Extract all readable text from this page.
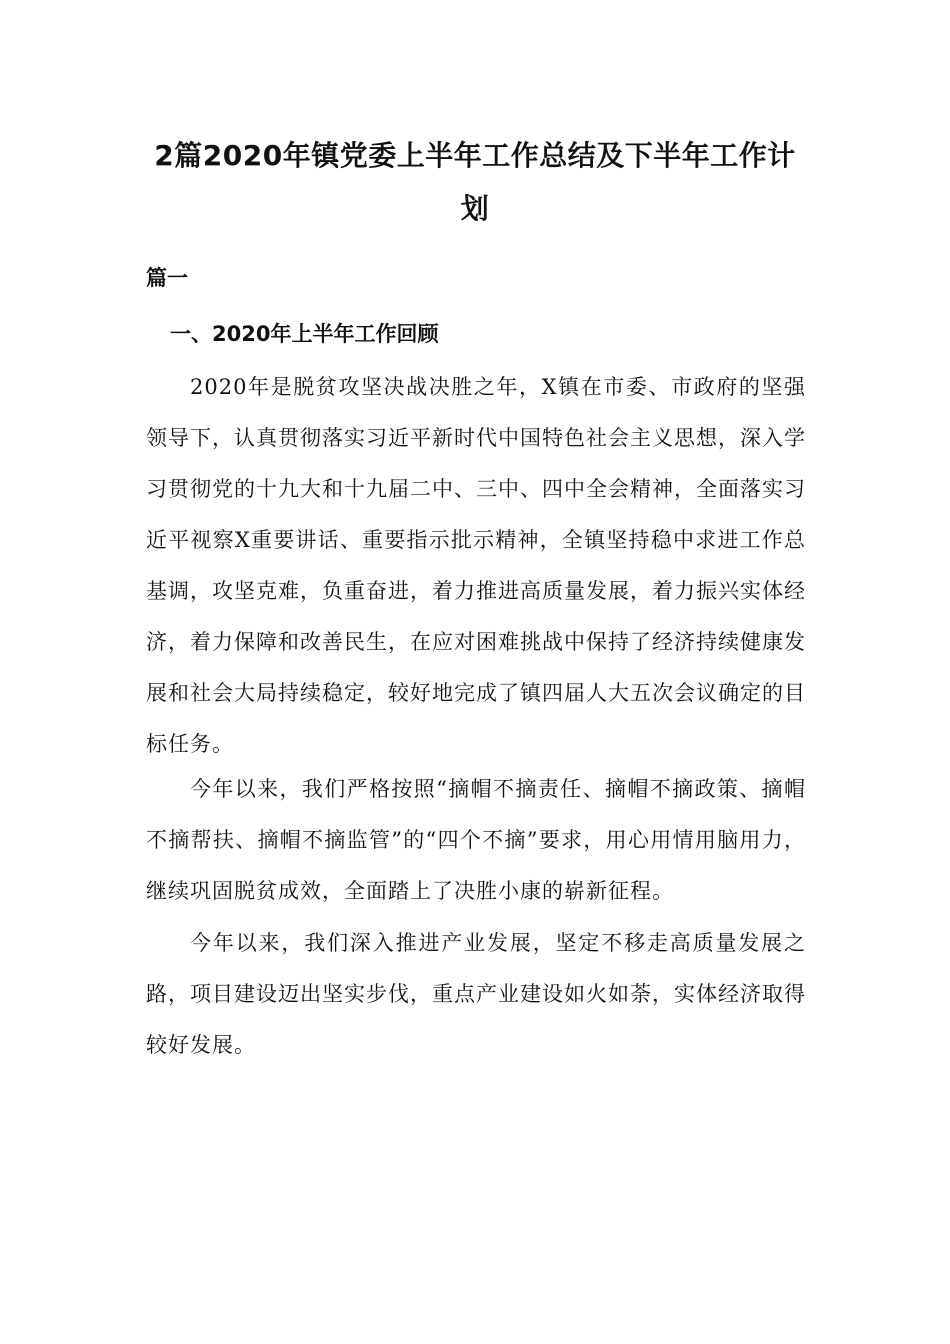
2篇2020年镇党委上半年工作总结及下半年工作计
划
篇一
一、2020年上半年工作回顾

2020年是脱贫攻坚决战决胜之年，X镇在市委、市政府的坚强领导下，认真贯彻落实习近平新时代中国特色社会主义思想，深入学习贯彻党的十九大和十九届二中、三中、四中全会精神，全面落实习近平视察X重要讲话、重要指示批示精神，全镇坚持稳中求进工作总基调，攻坚克难，负重奋进，着力推进高质量发展，着力振兴实体经济，着力保障和改善民生，在应对困难挑战中保持了经济持续健康发展和社会大局持续稳定，较好地完成了镇四届人大五次会议确定的目标任务。

今年以来，我们严格按照“摘帽不摘责任、摘帽不摘政策、摘帽不摘帮扶、摘帽不摘监管”的“四个不摘”要求，用心用情用脑用力，继续巩固脱贫成效，全面踏上了决胜小康的崭新征程。

今年以来，我们深入推进产业发展，坚定不移走高质量发展之路，项目建设迈出坚实步伐，重点产业建设如火如荼，实体经济取得较好发展。
